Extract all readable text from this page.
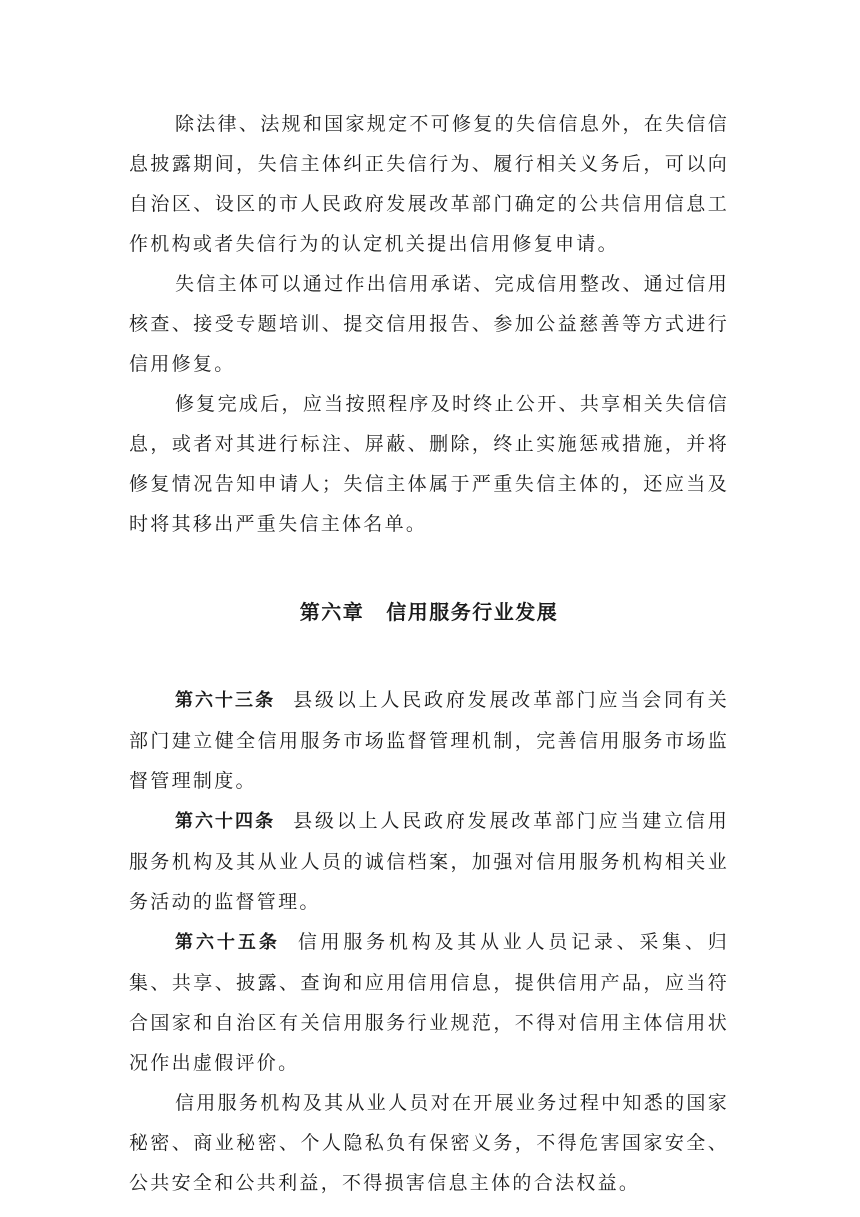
除法律、法规和国家规定不可修复的失信信息外，在失信信息披露期间，失信主体纠正失信行为、履行相关义务后，可以向自治区、设区的市人民政府发展改革部门确定的公共信用信息工作机构或者失信行为的认定机关提出信用修复申请。

失信主体可以通过作出信用承诺、完成信用整改、通过信用核查、接受专题培训、提交信用报告、参加公益慈善等方式进行信用修复。

修复完成后，应当按照程序及时终止公开、共享相关失信信息，或者对其进行标注、屏蔽、删除，终止实施惩戒措施，并将修复情况告知申请人；失信主体属于严重失信主体的，还应当及时将其移出严重失信主体名单。

第六章 信用服务行业发展

第六十三条 县级以上人民政府发展改革部门应当会同有关部门建立健全信用服务市场监督管理机制，完善信用服务市场监督管理制度。

第六十四条 县级以上人民政府发展改革部门应当建立信用服务机构及其从业人员的诚信档案，加强对信用服务机构相关业务活动的监督管理。

第六十五条 信用服务机构及其从业人员记录、采集、归集、共享、披露、查询和应用信用信息，提供信用产品，应当符合国家和自治区有关信用服务行业规范，不得对信用主体信用状况作出虚假评价。

信用服务机构及其从业人员对在开展业务过程中知悉的国家秘密、商业秘密、个人隐私负有保密义务，不得危害国家安全、公共安全和公共利益，不得损害信息主体的合法权益。
